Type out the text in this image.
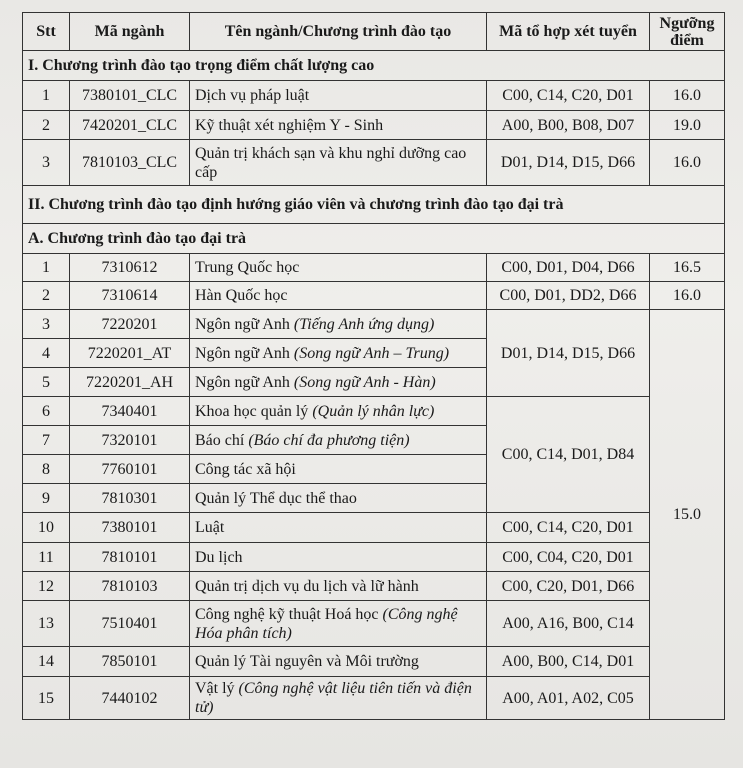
Stt	Mã ngành	Tên ngành/Chương trình đào tạo	Mã tổ hợp xét tuyển	Ngưỡng
điểm
I. Chương trình đào tạo trọng điểm chất lượng cao				
1	7380101_CLC	Dịch vụ pháp luật	C00, C14, C20, D01	16.0
2	7420201_CLC	Kỹ thuật xét nghiệm Y - Sinh	A00, B00, B08, D07	19.0
3	7810103_CLC	Quản trị khách sạn và khu nghỉ dưỡng cao cấp	D01, D14, D15, D66	16.0
II. Chương trình đào tạo định hướng giáo viên và chương trình đào tạo đại trà				
A. Chương trình đào tạo đại trà				
1	7310612	Trung Quốc học	C00, D01, D04, D66	16.5
2	7310614	Hàn Quốc học	C00, D01, DD2, D66	16.0
3	7220201	Ngôn ngữ Anh (Tiếng Anh ứng dụng)	D01, D14, D15, D66	15.0
4	7220201_AT	Ngôn ngữ Anh (Song ngữ Anh – Trung)		
5	7220201_AH	Ngôn ngữ Anh (Song ngữ Anh - Hàn)		
6	7340401	Khoa học quản lý (Quản lý nhân lực)	C00, C14, D01, D84	
7	7320101	Báo chí (Báo chí đa phương tiện)		
8	7760101	Công tác xã hội		
9	7810301	Quản lý Thể dục thể thao		
10	7380101	Luật	C00, C14, C20, D01	
11	7810101	Du lịch	C00, C04, C20, D01	
12	7810103	Quản trị dịch vụ du lịch và lữ hành	C00, C20, D01, D66	
13	7510401	Công nghệ kỹ thuật Hoá học (Công nghệ Hóa phân tích)	A00, A16, B00, C14	
14	7850101	Quản lý Tài nguyên và Môi trường	A00, B00, C14, D01	
15	7440102	Vật lý (Công nghệ vật liệu tiên tiến và điện tử)	A00, A01, A02, C05	
